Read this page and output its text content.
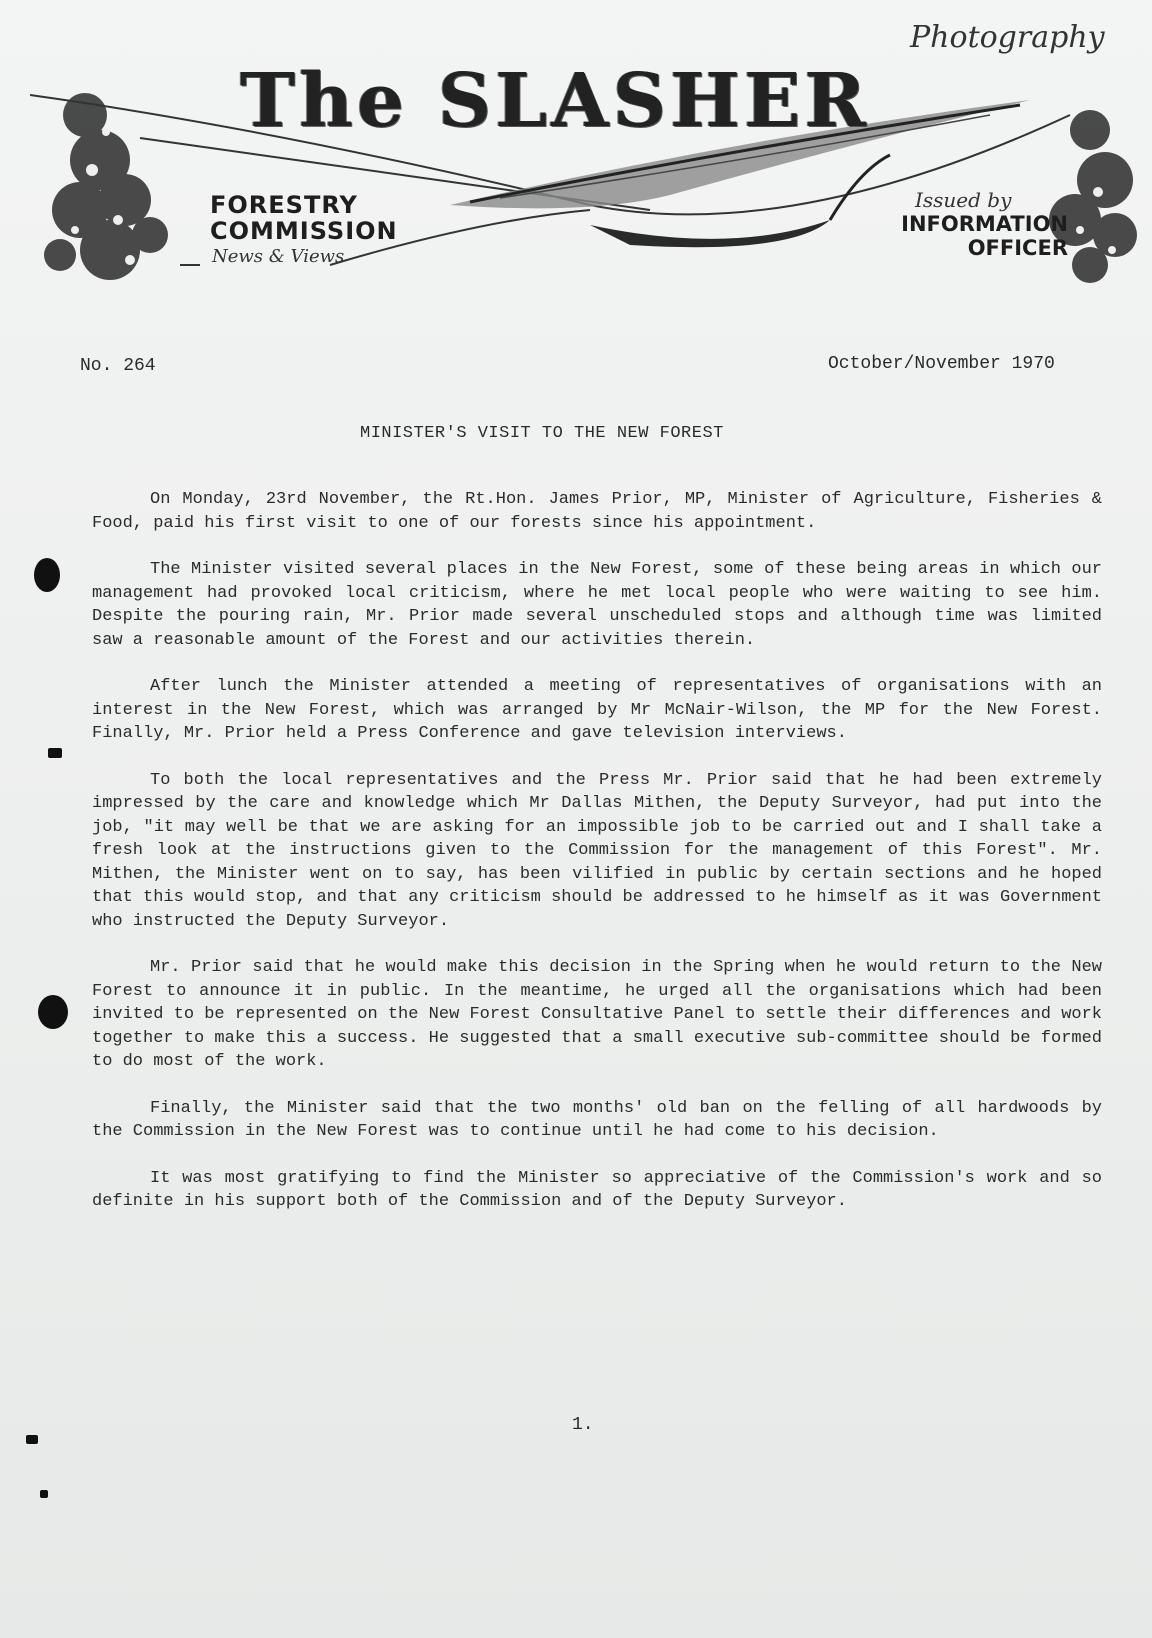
Photography
The SLASHER
FORESTRY
COMMISSION
News & Views
Issued by
INFORMATION
OFFICER
No. 264	October/November 1970
MINISTER'S VISIT TO THE NEW FOREST

On Monday, 23rd November, the Rt.Hon. James Prior, MP, Minister of Agriculture, Fisheries & Food, paid his first visit to one of our forests since his appointment.

The Minister visited several places in the New Forest, some of these being areas in which our management had provoked local criticism, where he met local people who were waiting to see him. Despite the pouring rain, Mr. Prior made several unscheduled stops and although time was limited saw a reasonable amount of the Forest and our activities therein.

After lunch the Minister attended a meeting of representatives of organisations with an interest in the New Forest, which was arranged by Mr McNair-Wilson, the MP for the New Forest. Finally, Mr. Prior held a Press Conference and gave television interviews.

To both the local representatives and the Press Mr. Prior said that he had been extremely impressed by the care and knowledge which Mr Dallas Mithen, the Deputy Surveyor, had put into the job, "it may well be that we are asking for an impossible job to be carried out and I shall take a fresh look at the instructions given to the Commission for the management of this Forest". Mr. Mithen, the Minister went on to say, has been vilified in public by certain sections and he hoped that this would stop, and that any criticism should be addressed to he himself as it was Government who instructed the Deputy Surveyor.

Mr. Prior said that he would make this decision in the Spring when he would return to the New Forest to announce it in public. In the meantime, he urged all the organisations which had been invited to be represented on the New Forest Consultative Panel to settle their differences and work together to make this a success. He suggested that a small executive sub-committee should be formed to do most of the work.

Finally, the Minister said that the two months' old ban on the felling of all hardwoods by the Commission in the New Forest was to continue until he had come to his decision.

It was most gratifying to find the Minister so appreciative of the Commission's work and so definite in his support both of the Commission and of the Deputy Surveyor.

1.
